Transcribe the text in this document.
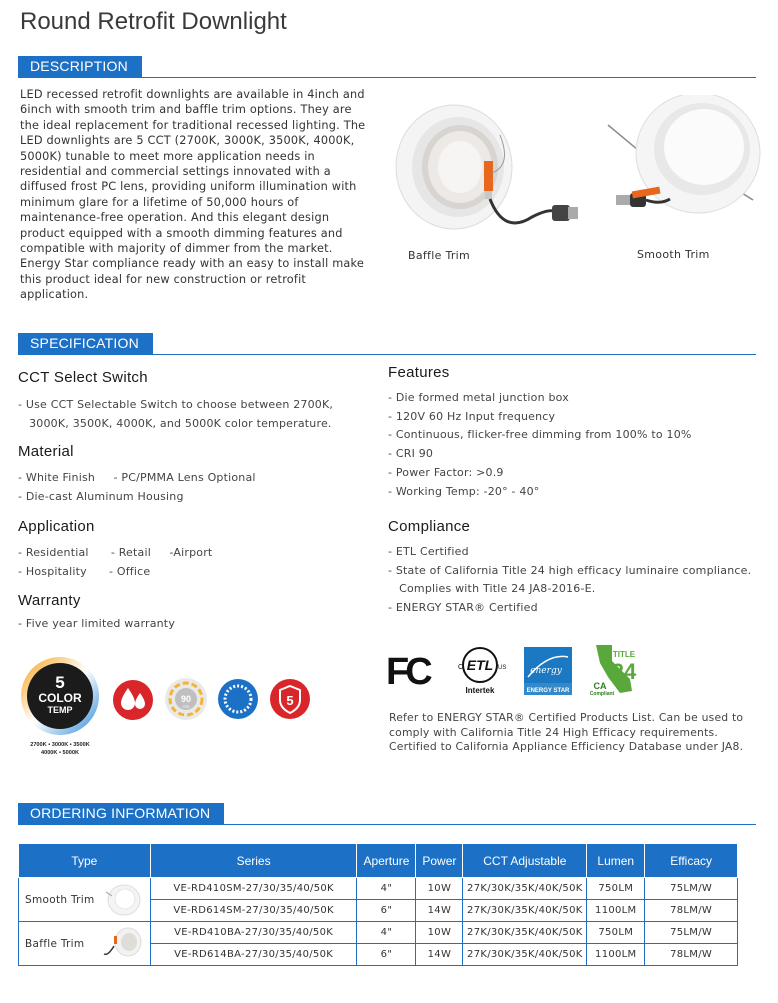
Round Retrofit Downlight
DESCRIPTION

LED recessed retrofit downlights are available in 4inch and 6inch with smooth trim and baffle trim options. They are the ideal replacement for traditional recessed lighting. The LED downlights are 5 CCT (2700K, 3000K, 3500K, 4000K, 5000K) tunable to meet more application needs in residential and commercial settings innovated with a diffused frost PC lens, providing uniform illumination with minimum glare for a lifetime of 50,000 hours of maintenance-free operation. And this elegant design product equipped with a smooth dimming features and compatible with majority of dimmer from the market. Energy Star compliance ready with an easy to install make this product ideal for new construction or retrofit application.

Baffle Trim	Smooth Trim
SPECIFICATION
CCT Select Switch
- Use CCT Selectable Switch to choose between 2700K,
3000K, 3500K, 4000K, and 5000K color temperature.
Material
- White Finish     - PC/PMMA Lens Optional
- Die-cast Aluminum Housing
Application
- Residential      - Retail     -Airport
- Hospitality      - Office
Warranty
- Five year limited warranty
Features
- Die formed metal junction box
- 120V 60 Hz Input frequency
- Continuous, flicker-free dimming from 100% to 10%
- CRI 90
- Power Factor: >0.9
- Working Temp: -20° - 40°
Compliance
- ETL Certified
- State of California Title 24 high efficacy luminaire compliance.
Complies with Title 24 JA8-2016-E.
- ENERGY STAR® Certified
5
COLOR
TEMP
2700K • 3000K • 3500K
4000K • 5000K
90
CRI	5
FC	C ETL US
Intertek
energy
ENERGY STAR
TITLE
24
CA
Compliant

Refer to ENERGY STAR® Certified Products List. Can be used to comply with California Title 24 High Efficacy requirements. Certified to California Appliance Efficiency Database under JA8.

ORDERING INFORMATION
Type	Series	Aperture	Power	CCT Adjustable	Lumen	Efficacy
Smooth Trim	VE-RD410SM-27/30/35/40/50K	4"	10W	27K/30K/35K/40K/50K	750LM	75LM/W
	VE-RD614SM-27/30/35/40/50K	6"	14W	27K/30K/35K/40K/50K	1100LM	78LM/W
Baffle Trim	VE-RD410BA-27/30/35/40/50K	4"	10W	27K/30K/35K/40K/50K	750LM	75LM/W
	VE-RD614BA-27/30/35/40/50K	6"	14W	27K/30K/35K/40K/50K	1100LM	78LM/W
